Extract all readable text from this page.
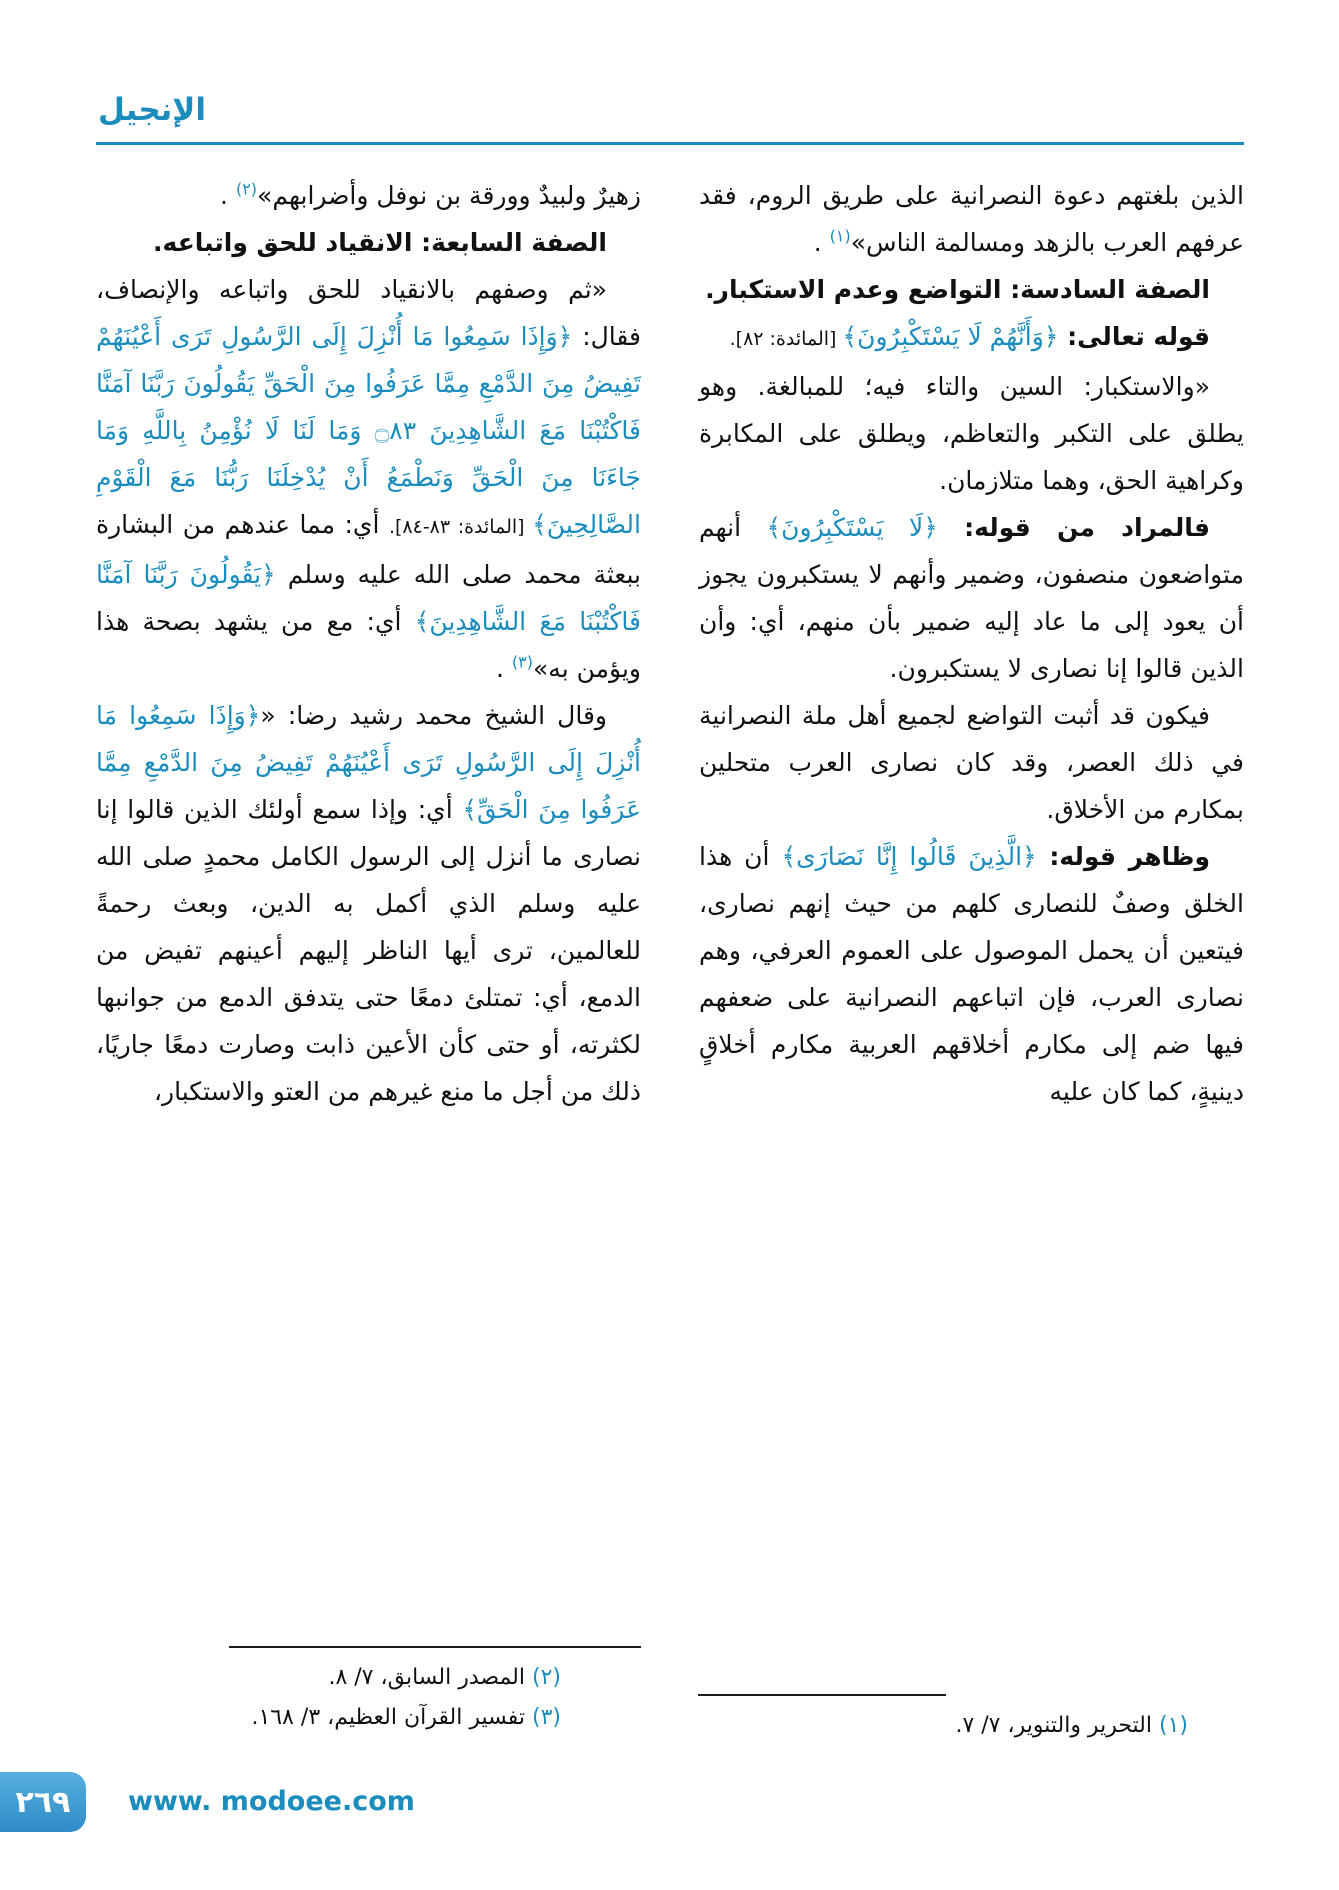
الإنجيل

الذين بلغتهم دعوة النصرانية على طريق الروم، فقد عرفهم العرب بالزهد ومسالمة الناس»$^{(١)}$ .

الصفة السادسة: التواضع وعدم الاستكبار.

قوله تعالى: ﴿وَأَنَّهُمْ لَا يَسْتَكْبِرُونَ﴾ [المائدة: ٨٢].

«والاستكبار: السين والتاء فيه؛ للمبالغة. وهو يطلق على التكبر والتعاظم، ويطلق على المكابرة وكراهية الحق، وهما متلازمان.

فالمراد من قوله: ﴿لَا يَسْتَكْبِرُونَ﴾ أنهم متواضعون منصفون، وضمير وأنهم لا يستكبرون يجوز أن يعود إلى ما عاد إليه ضمير بأن منهم، أي: وأن الذين قالوا إنا نصارى لا يستكبرون.

فيكون قد أثبت التواضع لجميع أهل ملة النصرانية في ذلك العصر، وقد كان نصارى العرب متحلين بمكارم من الأخلاق.

وظاهر قوله: ﴿الَّذِينَ قَالُوا إِنَّا نَصَارَى﴾ أن هذا الخلق وصفٌ للنصارى كلهم من حيث إنهم نصارى، فيتعين أن يحمل الموصول على العموم العرفي، وهم نصارى العرب، فإن اتباعهم النصرانية على ضعفهم فيها ضم إلى مكارم أخلاقهم العربية مكارم أخلاقٍ دينيةٍ، كما كان عليه

زهيرٌ ولبيدٌ وورقة بن نوفل وأضرابهم»$^{(٢)}$ .

الصفة السابعة: الانقياد للحق واتباعه.

«ثم وصفهم بالانقياد للحق واتباعه والإنصاف، فقال: ﴿وَإِذَا سَمِعُوا مَا أُنْزِلَ إِلَى الرَّسُولِ تَرَى أَعْيُنَهُمْ تَفِيضُ مِنَ الدَّمْعِ مِمَّا عَرَفُوا مِنَ الْحَقِّ يَقُولُونَ رَبَّنَا آمَنَّا فَاكْتُبْنَا مَعَ الشَّاهِدِينَ ۝٨٣ وَمَا لَنَا لَا نُؤْمِنُ بِاللَّهِ وَمَا جَاءَنَا مِنَ الْحَقِّ وَنَطْمَعُ أَنْ يُدْخِلَنَا رَبُّنَا مَعَ الْقَوْمِ الصَّالِحِينَ﴾ [المائدة: ٨٣-٨٤]. أي: مما عندهم من البشارة ببعثة محمد صلى الله عليه وسلم ﴿يَقُولُونَ رَبَّنَا آمَنَّا فَاكْتُبْنَا مَعَ الشَّاهِدِينَ﴾ أي: مع من يشهد بصحة هذا ويؤمن به»$^{(٣)}$ .

وقال الشيخ محمد رشيد رضا: «﴿وَإِذَا سَمِعُوا مَا أُنْزِلَ إِلَى الرَّسُولِ تَرَى أَعْيُنَهُمْ تَفِيضُ مِنَ الدَّمْعِ مِمَّا عَرَفُوا مِنَ الْحَقِّ﴾ أي: وإذا سمع أولئك الذين قالوا إنا نصارى ما أنزل إلى الرسول الكامل محمدٍ صلى الله عليه وسلم الذي أكمل به الدين، وبعث رحمةً للعالمين، ترى أيها الناظر إليهم أعينهم تفيض من الدمع، أي: تمتلئ دمعًا حتى يتدفق الدمع من جوانبها لكثرته، أو حتى كأن الأعين ذابت وصارت دمعًا جاريًا، ذلك من أجل ما منع غيرهم من العتو والاستكبار،

(١) التحرير والتنوير، ٧/ ٧.
(٢) المصدر السابق، ٧/ ٨.
(٣) تفسير القرآن العظيم، ٣/ ١٦٨.
٢٦٩ www. modoee.com
